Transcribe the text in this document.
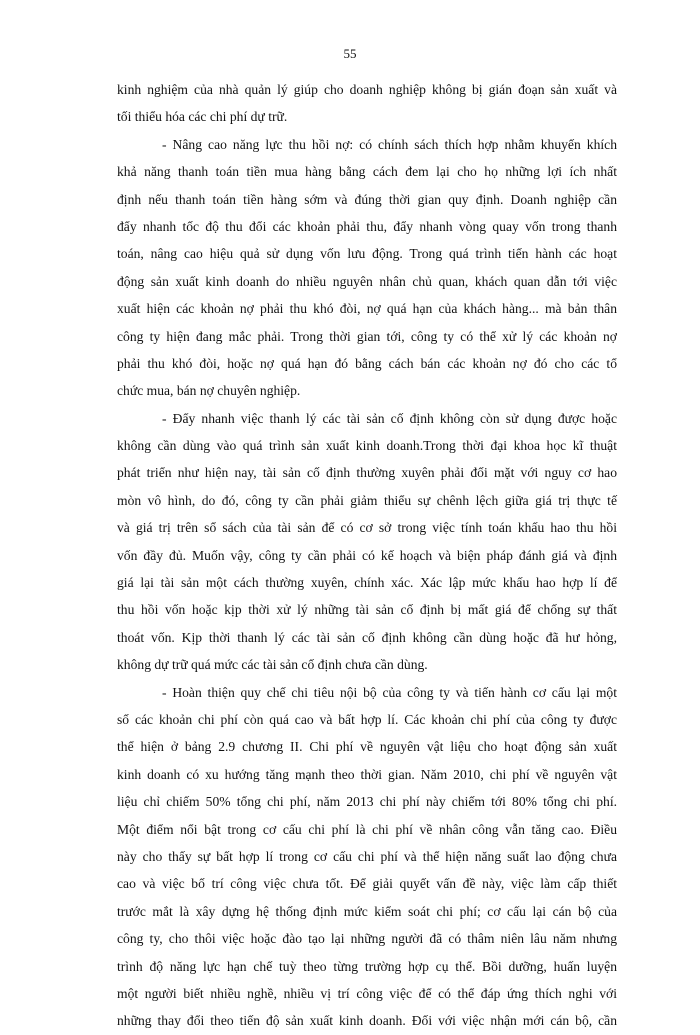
55
kinh nghiệm của nhà quản lý giúp cho doanh nghiệp không bị gián đoạn sản xuất và
tối thiểu hóa các chi phí dự trữ.
- Nâng cao năng lực thu hồi nợ: có chính sách thích hợp nhằm khuyến khích
khả năng thanh toán tiền mua hàng bằng cách đem lại cho họ những lợi ích nhất
định nếu thanh toán tiền hàng sớm và đúng thời gian quy định. Doanh nghiệp cần
đẩy nhanh tốc độ thu đổi các khoản phải thu, đẩy nhanh vòng quay vốn trong thanh
toán, nâng cao hiệu quả sử dụng vốn lưu động. Trong quá trình tiến hành các hoạt
động sản xuất kinh doanh do nhiều nguyên nhân chủ quan, khách quan dẫn tới việc
xuất hiện các khoản nợ phải thu khó đòi, nợ quá hạn của khách hàng... mà bản thân
công ty hiện đang mắc phải. Trong thời gian tới, công ty có thể xử lý các khoản nợ
phải thu khó đòi, hoặc nợ quá hạn đó bằng cách bán các khoản nợ đó cho các tổ
chức mua, bán nợ chuyên nghiệp.
- Đẩy nhanh việc thanh lý các tài sản cố định không còn sử dụng được hoặc
không cần dùng vào quá trình sản xuất kinh doanh.Trong thời đại khoa học kĩ thuật
phát triển như hiện nay, tài sản cố định thường xuyên phải đối mặt với nguy cơ hao
mòn vô hình, do đó, công ty cần phải giảm thiểu sự chênh lệch giữa giá trị thực tế
và giá trị trên sổ sách của tài sản để có cơ sở trong việc tính toán khấu hao thu hồi
vốn đầy đủ. Muốn vậy, công ty cần phải có kế hoạch và biện pháp đánh giá và định
giá lại tài sản một cách thường xuyên, chính xác. Xác lập mức khấu hao hợp lí để
thu hồi vốn hoặc kịp thời xử lý những tài sản cố định bị mất giá để chống sự thất
thoát vốn. Kịp thời thanh lý các tài sản cố định không cần dùng hoặc đã hư hỏng,
không dự trữ quá mức các tài sản cố định chưa cần dùng.
- Hoàn thiện quy chế chi tiêu nội bộ của công ty và tiến hành cơ cấu lại một
số các khoản chi phí còn quá cao và bất hợp lí. Các khoản chi phí của công ty được
thể hiện ở bảng 2.9 chương II. Chi phí về nguyên vật liệu cho hoạt động sản xuất
kinh doanh có xu hướng tăng mạnh theo thời gian. Năm 2010, chi phí về nguyên vật
liệu chỉ chiếm 50% tổng chi phí, năm 2013 chi phí này chiếm tới 80% tổng chi phí.
Một điểm nổi bật trong cơ cấu chi phí là chi phí về nhân công vẫn tăng cao. Điều
này cho thấy sự bất hợp lí trong cơ cấu chi phí và thể hiện năng suất lao động chưa
cao và việc bố trí công việc chưa tốt. Để giải quyết vấn đề này, việc làm cấp thiết
trước mắt là xây dựng hệ thống định mức kiểm soát chi phí; cơ cấu lại cán bộ của
công ty, cho thôi việc hoặc đào tạo lại những người đã có thâm niên lâu năm nhưng
trình độ năng lực hạn chế tuỳ theo từng trường hợp cụ thể. Bồi dưỡng, huấn luyện
một người biết nhiều nghề, nhiều vị trí công việc để có thể đáp ứng thích nghi với
những thay đổi theo tiến độ sản xuất kinh doanh. Đối với việc nhận mới cán bộ, cần
